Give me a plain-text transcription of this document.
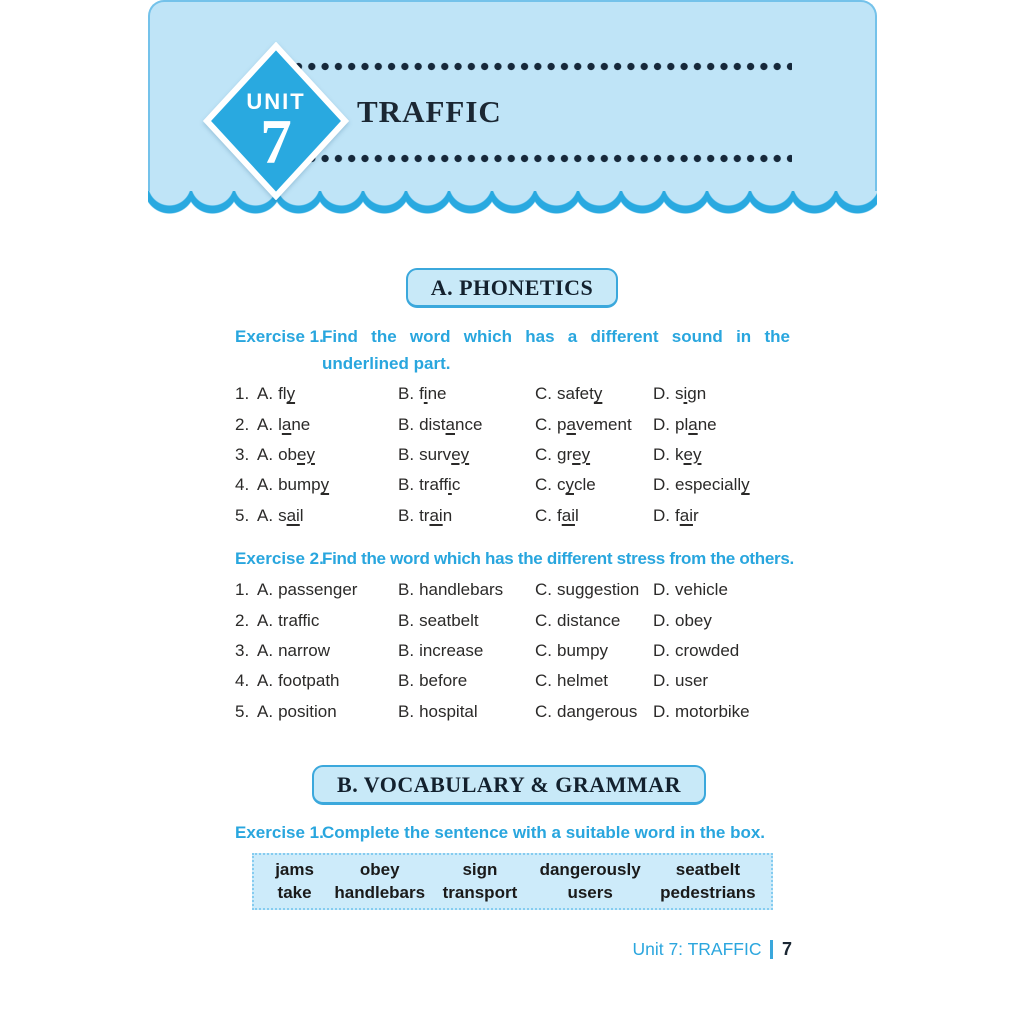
UNIT
7	TRAFFIC
A. PHONETICS
Exercise 1.
Find the word which has a different sound in the
underlined part.
1. A. fly	B. fine	C. safety	D. sign
2. A. lane	B. distance	C. pavement	D. plane
3. A. obey	B. survey	C. grey	D. key
4. A. bumpy	B. traffic	C. cycle	D. especially
5. A. sail	B. train	C. fail	D. fair
Exercise 2.
Find the word which has the different stress from the others.
1. A. passenger	B. handlebars	C. suggestion D. vehicle
2. A. traffic	B. seatbelt	C. distance	D. obey
3. A. narrow	B. increase	C. bumpy	D. crowded
4. A. footpath	B. before	C. helmet	D. user
5. A. position	B. hospital	C. dangerous D. motorbike
B. VOCABULARY & GRAMMAR
Exercise 1.
Complete the sentence with a suitable word in the box.
jams	obey	sign	dangerously	seatbelt
take	handlebars	transport	users	pedestrians
Unit 7: TRAFFIC 7
